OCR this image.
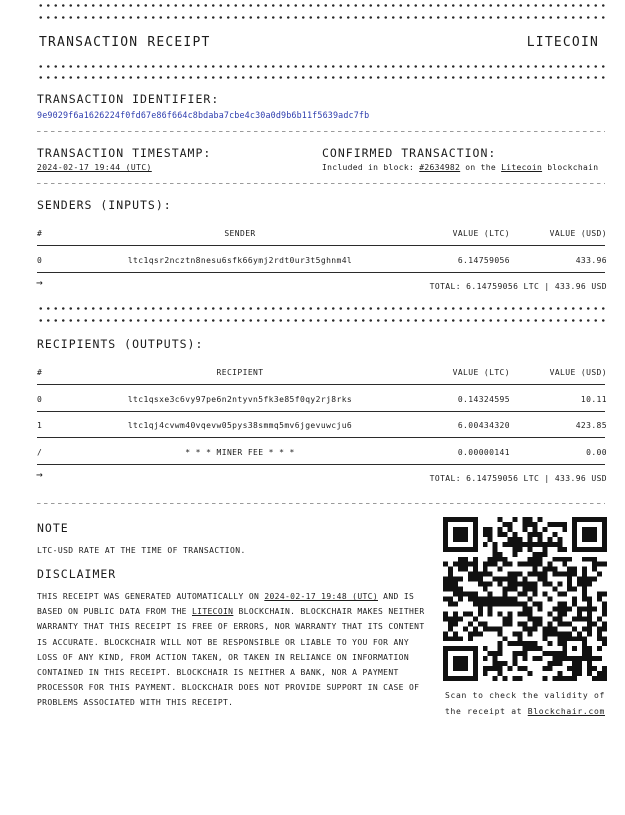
TRANSACTION RECEIPT	LITECOIN
TRANSACTION IDENTIFIER:
9e9029f6a1626224f0fd67e86f664c8bdaba7cbe4c30a0d9b6b11f5639adc7fb
TRANSACTION TIMESTAMP:
2024-02-17 19:44 (UTC)
CONFIRMED TRANSACTION:
Included in block: #2634982 on the Litecoin blockchain
SENDERS (INPUTS):
#	SENDER	VALUE (LTC)	VALUE (USD)
0	ltc1qsr2ncztn8nesu6sfk66ymj2rdt0ur3t5ghnm4l	6.14759056	433.96
→	TOTAL: 6.14759056 LTC | 433.96 USD
RECIPIENTS (OUTPUTS):
#	RECIPIENT	VALUE (LTC)	VALUE (USD)
0	ltc1qsxe3c6vy97pe6n2ntyvn5fk3e85f0qy2rj8rks	0.14324595	10.11
1	ltc1qj4cvwm40vqevw05pys38smmq5mv6jgevuwcju6	6.00434320	423.85
/	* * * MINER FEE * * *	0.00000141	0.00
→	TOTAL: 6.14759056 LTC | 433.96 USD
NOTE
LTC-USD RATE AT THE TIME OF TRANSACTION.
DISCLAIMER

THIS RECEIPT WAS GENERATED AUTOMATICALLY ON 2024-02-17 19:48 (UTC) AND IS

BASED ON PUBLIC DATA FROM THE LITECOIN BLOCKCHAIN. BLOCKCHAIR MAKES NEITHER

WARRANTY THAT THIS RECEIPT IS FREE OF ERRORS, NOR WARRANTY THAT ITS CONTENT

IS ACCURATE. BLOCKCHAIR WILL NOT BE RESPONSIBLE OR LIABLE TO YOU FOR ANY

LOSS OF ANY KIND, FROM ACTION TAKEN, OR TAKEN IN RELIANCE ON INFORMATION

CONTAINED IN THIS RECEIPT. BLOCKCHAIR IS NEITHER A BANK, NOR A PAYMENT

PROCESSOR FOR THIS PAYMENT. BLOCKCHAIR DOES NOT PROVIDE SUPPORT IN CASE OF

PROBLEMS ASSOCIATED WITH THIS RECEIPT.

Scan to check the validity of
the receipt at Blockchair.com
